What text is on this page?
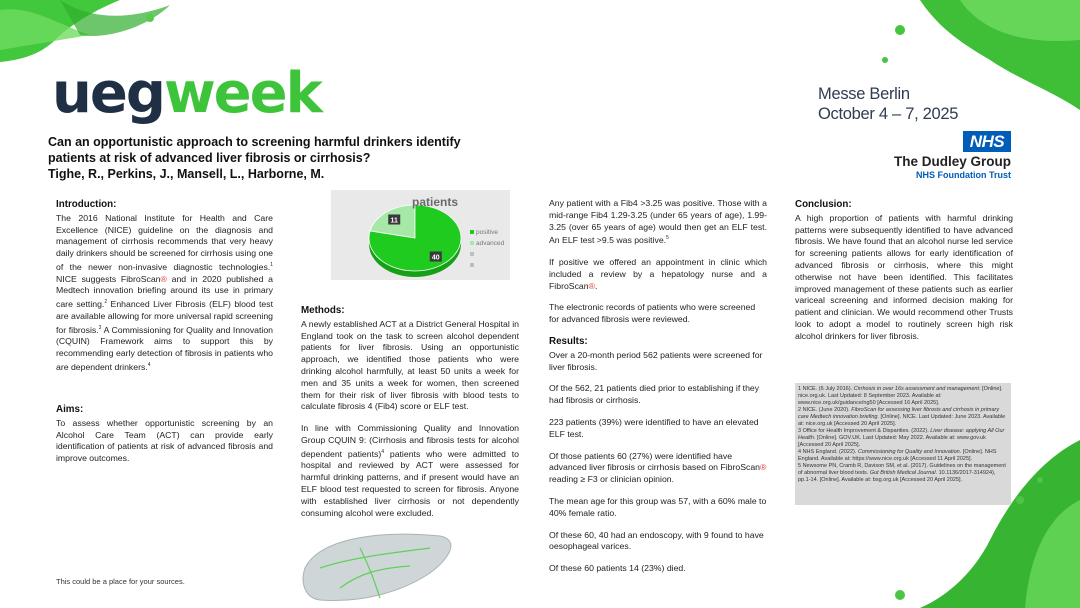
uegweek
Can an opportunistic approach to screening harmful drinkers identify patients at risk of advanced liver fibrosis or cirrhosis?
Tighe, R., Perkins, J., Mansell, L., Harborne, M.
Messe Berlin
October 4 – 7, 2025
NHS
The Dudley Group
NHS Foundation Trust
Introduction:

The 2016 National Institute for Health and Care Excellence (NICE) guideline on the diagnosis and management of cirrhosis recommends that very heavy daily drinkers should be screened for cirrhosis using one of the newer non-invasive diagnostic technologies.$^1$ NICE suggests FibroScan® and in 2020 published a Medtech innovation briefing around its use in primary care setting.$^2$ Enhanced Liver Fibrosis (ELF) blood test are available allowing for more universal rapid screening for fibrosis.$^3$ A Commissioning for Quality and Innovation (CQUIN) Framework aims to support this by recommending early detection of fibrosis in patients who are dependent drinkers.$^4$

Aims:

To assess whether opportunistic screening by an Alcohol Care Team (ACT) can provide early identification of patients at risk of advanced fibrosis and improve outcomes.

This could be a place for your sources.
40
11
patients
positive
advanced
Methods:

A newly established ACT at a District General Hospital in England took on the task to screen alcohol dependent patients for liver fibrosis. Using an opportunistic approach, we identified those patients who were drinking alcohol harmfully, at least 50 units a week for men and 35 units a week for women, then screened them for their risk of liver fibrosis with blood tests to calculate fibrosis 4 (Fib4) score or ELF test.

In line with Commissioning Quality and Innovation Group CQUIN 9: (Cirrhosis and fibrosis tests for alcohol dependent patients)$^4$ patients who were admitted to hospital and reviewed by ACT were assessed for harmful drinking patterns, and if present would have an ELF blood test requested to screen for fibrosis. Anyone with established liver cirrhosis or not dependently consuming alcohol were excluded.

Any patient with a Fib4 >3.25 was positive. Those with a mid-range Fib4 1.29-3.25 (under 65 years of age), 1.99-3.25 (over 65 years of age) would then get an ELF test. An ELF test >9.5 was positive.$^5$

If positive we offered an appointment in clinic which included a review by a hepatology nurse and a FibroScan®.

The electronic records of patients who were screened for advanced fibrosis were reviewed.

Results:

Over a 20-month period 562 patients were screened for liver fibrosis.

Of the 562, 21 patients died prior to establishing if they had fibrosis or cirrhosis.

223 patients (39%) were identified to have an elevated ELF test.

Of those patients 60 (27%) were identified have advanced liver fibrosis or cirrhosis based on FibroScan® reading ≥ F3 or clinician opinion.

The mean age for this group was 57, with a 60% male to 40% female ratio.

Of these 60, 40 had an endoscopy, with 9 found to have oesophageal varices.

Of these 60 patients 14 (23%) died.

Conclusion:

A high proportion of patients with harmful drinking patterns were subsequently identified to have advanced fibrosis. We have found that an alcohol nurse led service for screening patients allows for early identification of advanced fibrosis or cirrhosis, where this might otherwise not have been identified. This facilitates improved management of these patients such as earlier variceal screening and informed decision making for patient and clinician. We would recommend other Trusts look to adopt a model to routinely screen high risk alcohol drinkers for liver fibrosis.

1 NICE. (6 July 2016). Cirrhosis in over 16s assessment and management. [Online]. nice.org.uk. Last Updated: 8 September 2023. Available at: www.nice.org.uk/guidance/ng50 [Accessed 16 April 2025].

2 NICE. (June 2020). FibroScan for assessing liver fibrosis and cirrhosis in primary care Medtech innovation briefing. [Online]. NICE. Last Updated: June 2023. Available at: nice.org.uk [Accessed 20 April 2025].

3 Office for Health Improvement & Disparities. (2022). Liver disease: applying All Our Health. [Online]. GOV.UK. Last Updated: May 2022. Available at: www.gov.uk [Accessed 20 April 2025].

4 NHS England. (2022). Commissioning for Quality and Innovation. [Online]. NHS England. Available at: https://www.nice.org.uk [Accessed 11 April 2025].

5 Newsome PN, Cramb R, Davison SM, et al. (2017). Guidelines on the management of abnormal liver blood tests. Gut British Medical Journal. 10.1136/2017-314924), pp.1-14. [Online]. Available at: bsg.org.uk [Accessed 20 April 2025].
